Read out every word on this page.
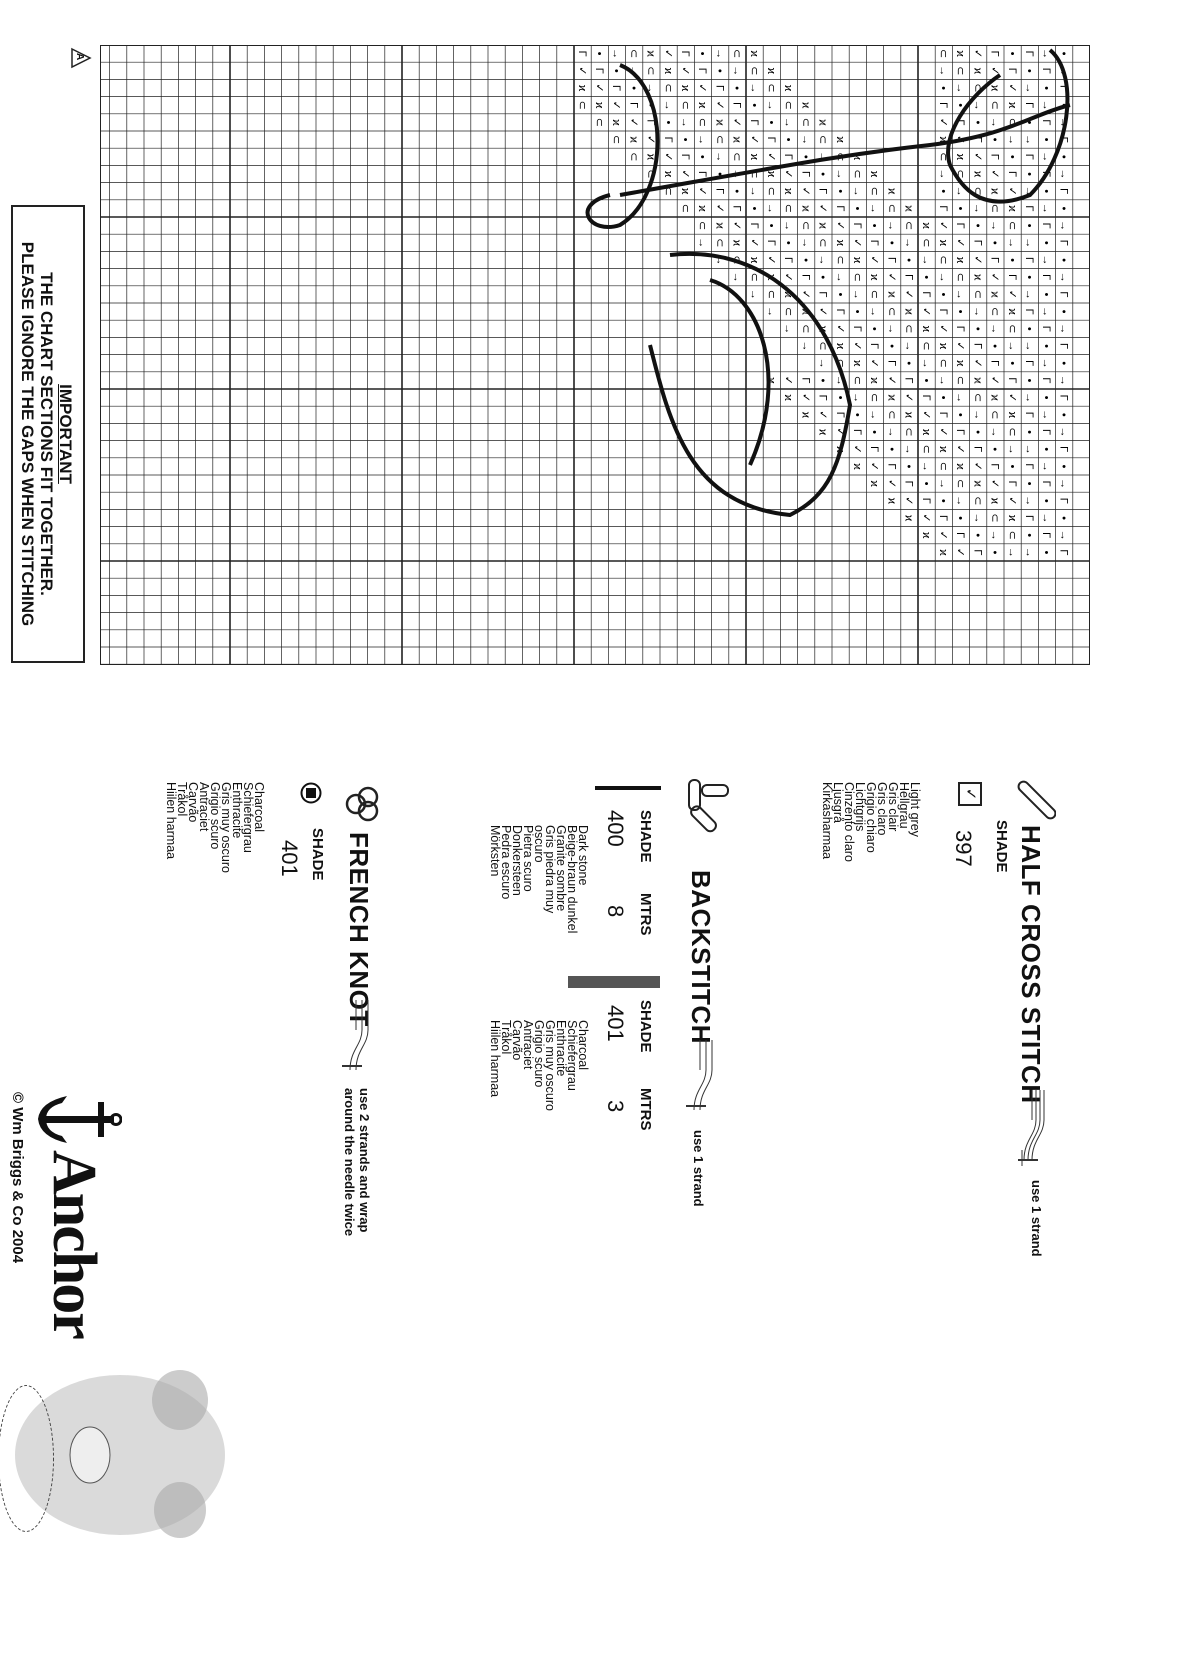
•
→
Γ
•
Γ
✓
ϰ
⊂
ϰ
⊂
→
•
Γ
✓
ϰ
⊂
→
•
Γ
→
Γ
•
Γ
✓
ϰ
⊂
→
ϰ
⊂
→
•
Γ
✓
ϰ
⊂
→
•
Γ
✓
Γ
•
→
✓
ϰ
⊂
→
•
ϰ
⊂
→
•
Γ
✓
ϰ
⊂
→
•
Γ
✓
ϰ
•
→
Γ
ϰ
⊂
→
•
Γ
ϰ
⊂
→
•
Γ
✓
ϰ
⊂
→
•
Γ
✓
ϰ
⊂
→
Γ
•
⊂
→
•
Γ
✓
ϰ
⊂
→
•
Γ
✓
ϰ
⊂
→
•
Γ
✓
ϰ
⊂
Γ
•
→
→
•
Γ
✓
ϰ
ϰ
⊂
→
•
Γ
✓
ϰ
⊂
→
•
Γ
✓
ϰ
⊂
•
→
Γ
•
Γ
✓
ϰ
⊂
ϰ
⊂
→
•
Γ
✓
ϰ
⊂
→
•
Γ
✓
ϰ
⊂
→
Γ
•
Γ
✓
ϰ
⊂
→
ϰ
⊂
→
•
Γ
✓
ϰ
⊂
→
•
Γ
✓
ϰ
⊂
Γ
•
→
✓
ϰ
⊂
→
•
ϰ
⊂
→
•
Γ
✓
ϰ
⊂
→
•
Γ
✓
ϰ
⊂
•
→
Γ
ϰ
⊂
→
•
Γ
ϰ
⊂
→
•
Γ
✓
ϰ
⊂
→
•
Γ
✓
ϰ
⊂
→
Γ
•
⊂
→
•
Γ
✓
ϰ
⊂
→
•
Γ
✓
ϰ
⊂
→
•
Γ
✓
ϰ
⊂
Γ
•
→
→
•
Γ
✓
ϰ
⊂
→
•
Γ
✓
ϰ
⊂
→
•
Γ
✓
ϰ
⊂
→
•
→
Γ
•
Γ
✓
ϰ
⊂
→
•
Γ
✓
ϰ
⊂
→
•
Γ
✓
ϰ
⊂
→
→
Γ
•
Γ
✓
ϰ
⊂
→
•
Γ
✓
ϰ
⊂
→
•
Γ
✓
ϰ
⊂
→
Γ
•
→
✓
ϰ
⊂
→
•
Γ
✓
ϰ
⊂
→
•
Γ
✓
ϰ
⊂
→
•
→
Γ
ϰ
⊂
→
•
Γ
✓
ϰ
⊂
→
•
Γ
✓
ϰ
⊂
→
→
Γ
•
⊂
→
•
Γ
✓
ϰ
⊂
→
•
Γ
✓
ϰ
⊂
→
Γ
•
→
→
•
Γ
✓
ϰ
⊂
→
•
Γ
✓
ϰ
⊂
→
•
→
Γ
•
Γ
✓
ϰ
⊂
→
•
Γ
✓
ϰ
⊂
→
→
Γ
•
Γ
✓
ϰ
⊂
→
•
Γ
✓
ϰ
⊂
→
•
Γ
✓
ϰ
Γ
•
→
✓
ϰ
⊂
→
•
Γ
✓
ϰ
⊂
→
•
Γ
✓
ϰ
•
→
Γ
ϰ
⊂
→
•
Γ
✓
ϰ
⊂
→
•
Γ
✓
ϰ
→
Γ
•
⊂
→
•
Γ
✓
ϰ
⊂
→
•
Γ
✓
ϰ
Γ
•
→
→
•
Γ
✓
ϰ
⊂
→
•
Γ
✓
ϰ
•
→
Γ
•
Γ
✓
ϰ
⊂
→
•
Γ
✓
ϰ
→
Γ
•
Γ
✓
ϰ
⊂
→
•
Γ
✓
ϰ
Γ
•
→
✓
ϰ
⊂
→
•
Γ
✓
ϰ
•
→
Γ
ϰ
⊂
→
•
Γ
✓
ϰ
→
Γ
•
⊂
→
•
Γ
✓
ϰ
Γ
•
→
→
•
Γ
✓
ϰ
A
IMPORTANT
THE CHART SECTIONS FIT TOGETHER.
PLEASE IGNORE THE GAPS WHEN STITCHING
HALF CROSS STITCH
use 1 strand
SHADE
✓
397
Light grey
Hellgrau
Gris clair
Gris claro
Grigio chiaro
Lichtgrijs
Cinzento claro
Ljusgrå
Kirkasharmaa
BACKSTITCH
use 1 strand
SHADE
MTRS
400
8
Dark stone
Beige-braun dunkel
Granite sombre
Gris piedra muy
oscuro
Pietra scuro
Donkersteen
Pedra escuro
Mörksten
SHADE
MTRS
401
3
Charcoal
Schiefergrau
Enthracite
Gris muy oscuro
Grigio scuro
Antraciet
Carvão
Tråkol
Hiilen harmaa
FRENCH KNOT
use 2 strands and wrap
around the needle twice
SHADE
401
Charcoal
Schiefergrau
Enthracite
Gris muy oscuro
Grigio scuro
Antraciet
Carvão
Tråkol
Hiilen harmaa
Anchor
© Wm Briggs & Co 2004
